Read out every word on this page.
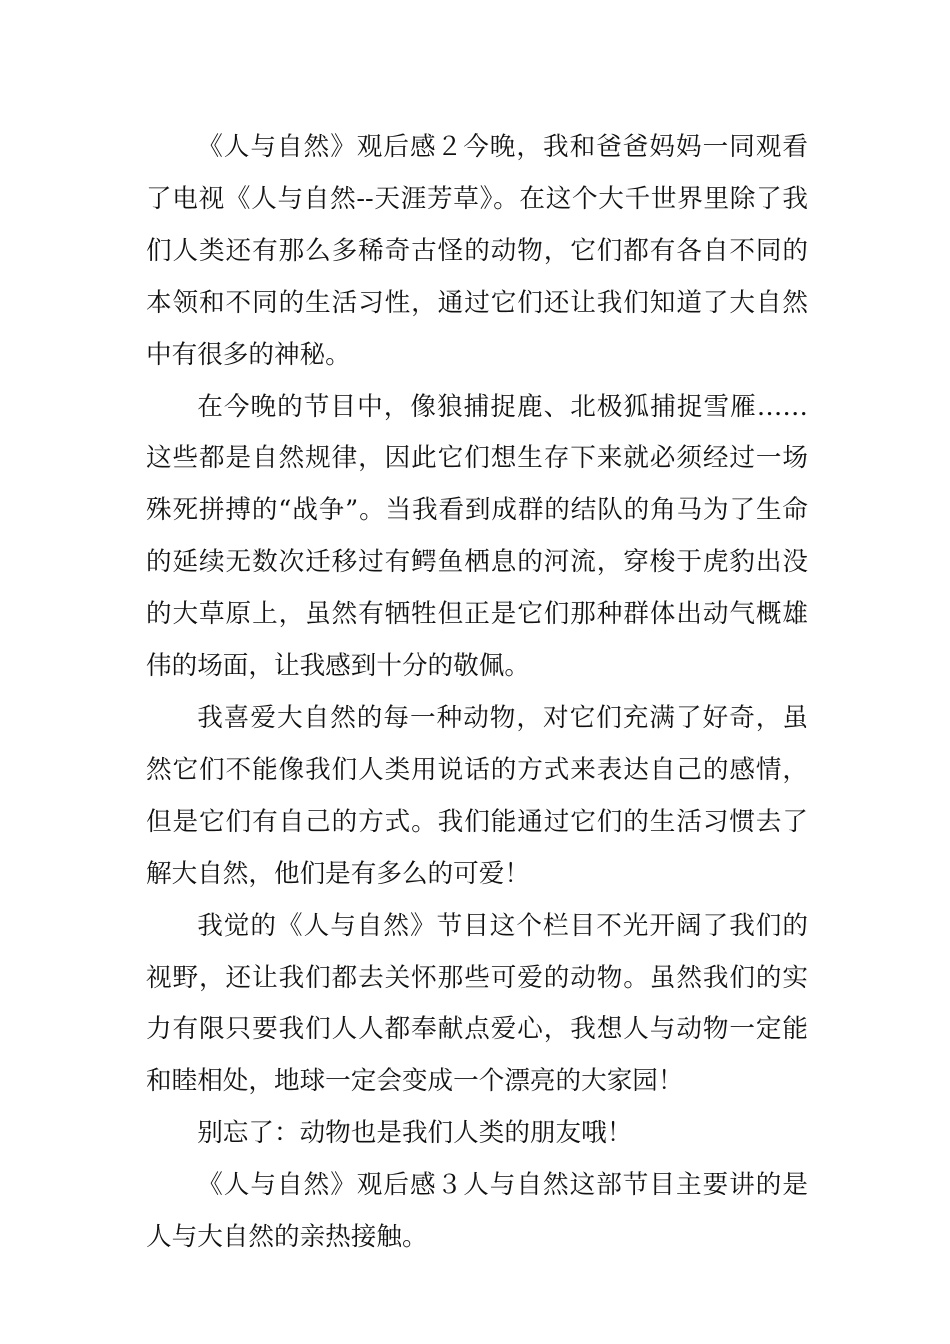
《人与自然》观后感２今晚，我和爸爸妈妈一同观看了电视《人与自然--天涯芳草》。在这个大千世界里除了我们人类还有那么多稀奇古怪的动物，它们都有各自不同的本领和不同的生活习性，通过它们还让我们知道了大自然中有很多的神秘。

在今晚的节目中，像狼捕捉鹿、北极狐捕捉雪雁……这些都是自然规律，因此它们想生存下来就必须经过一场殊死拼搏的“战争”。当我看到成群的结队的角马为了生命的延续无数次迁移过有鳄鱼栖息的河流，穿梭于虎豹出没的大草原上，虽然有牺牲但正是它们那种群体出动气概雄伟的场面，让我感到十分的敬佩。

我喜爱大自然的每一种动物，对它们充满了好奇，虽然它们不能像我们人类用说话的方式来表达自己的感情，但是它们有自己的方式。我们能通过它们的生活习惯去了解大自然，他们是有多么的可爱！

我觉的《人与自然》节目这个栏目不光开阔了我们的视野，还让我们都去关怀那些可爱的动物。虽然我们的实力有限只要我们人人都奉献点爱心，我想人与动物一定能和睦相处，地球一定会变成一个漂亮的大家园！

别忘了：动物也是我们人类的朋友哦！

《人与自然》观后感３人与自然这部节目主要讲的是人与大自然的亲热接触。
